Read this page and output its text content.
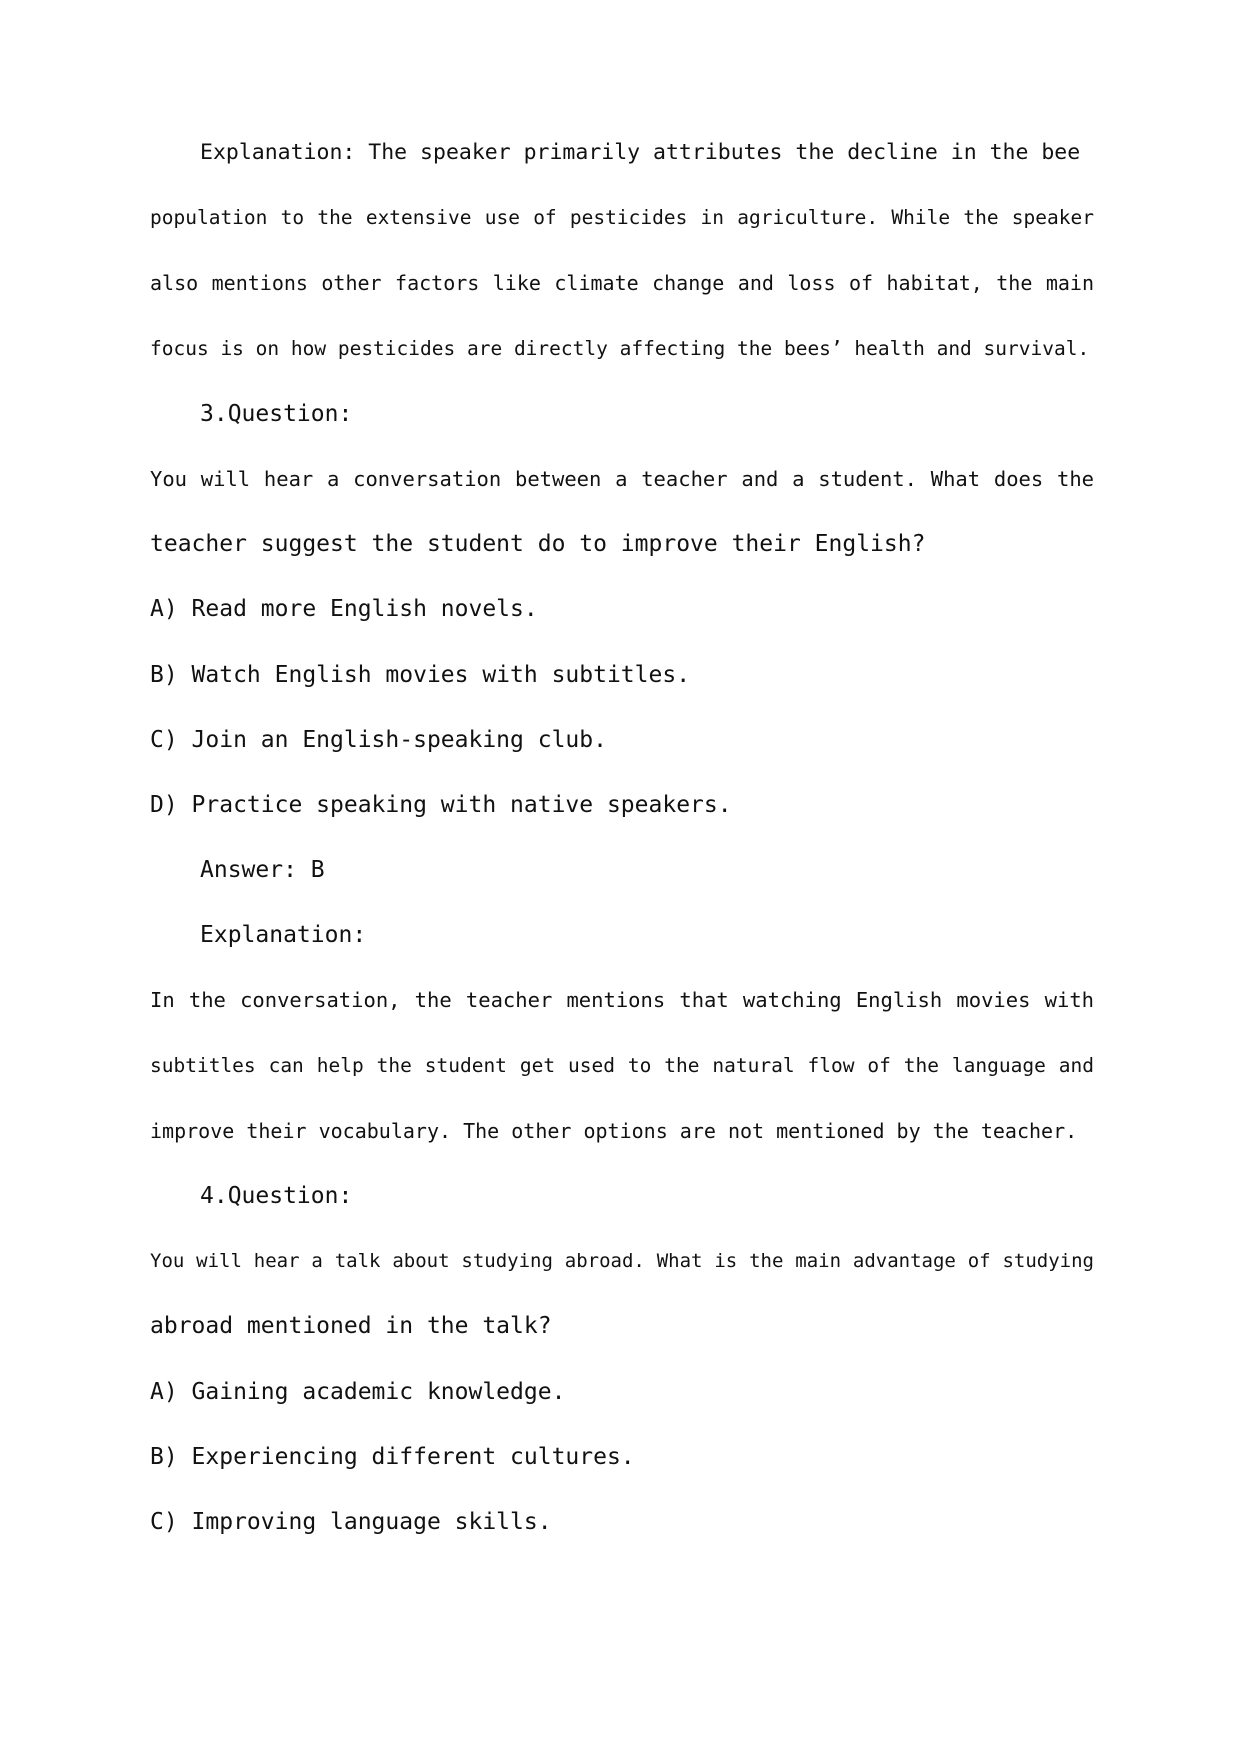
Explanation: The speaker primarily attributes the decline in the bee

population to the extensive use of pesticides in agriculture. While the speaker

also mentions other factors like climate change and loss of habitat, the main

focus is on how pesticides are directly affecting the bees’ health and survival.

3.Question:

You will hear a conversation between a teacher and a student. What does the

teacher suggest the student do to improve their English?

A) Read more English novels.

B) Watch English movies with subtitles.

C) Join an English-speaking club.

D) Practice speaking with native speakers.

Answer: B

Explanation:

In the conversation, the teacher mentions that watching English movies with

subtitles can help the student get used to the natural flow of the language and

improve their vocabulary. The other options are not mentioned by the teacher.

4.Question:

You will hear a talk about studying abroad. What is the main advantage of studying

abroad mentioned in the talk?

A) Gaining academic knowledge.

B) Experiencing different cultures.

C) Improving language skills.
